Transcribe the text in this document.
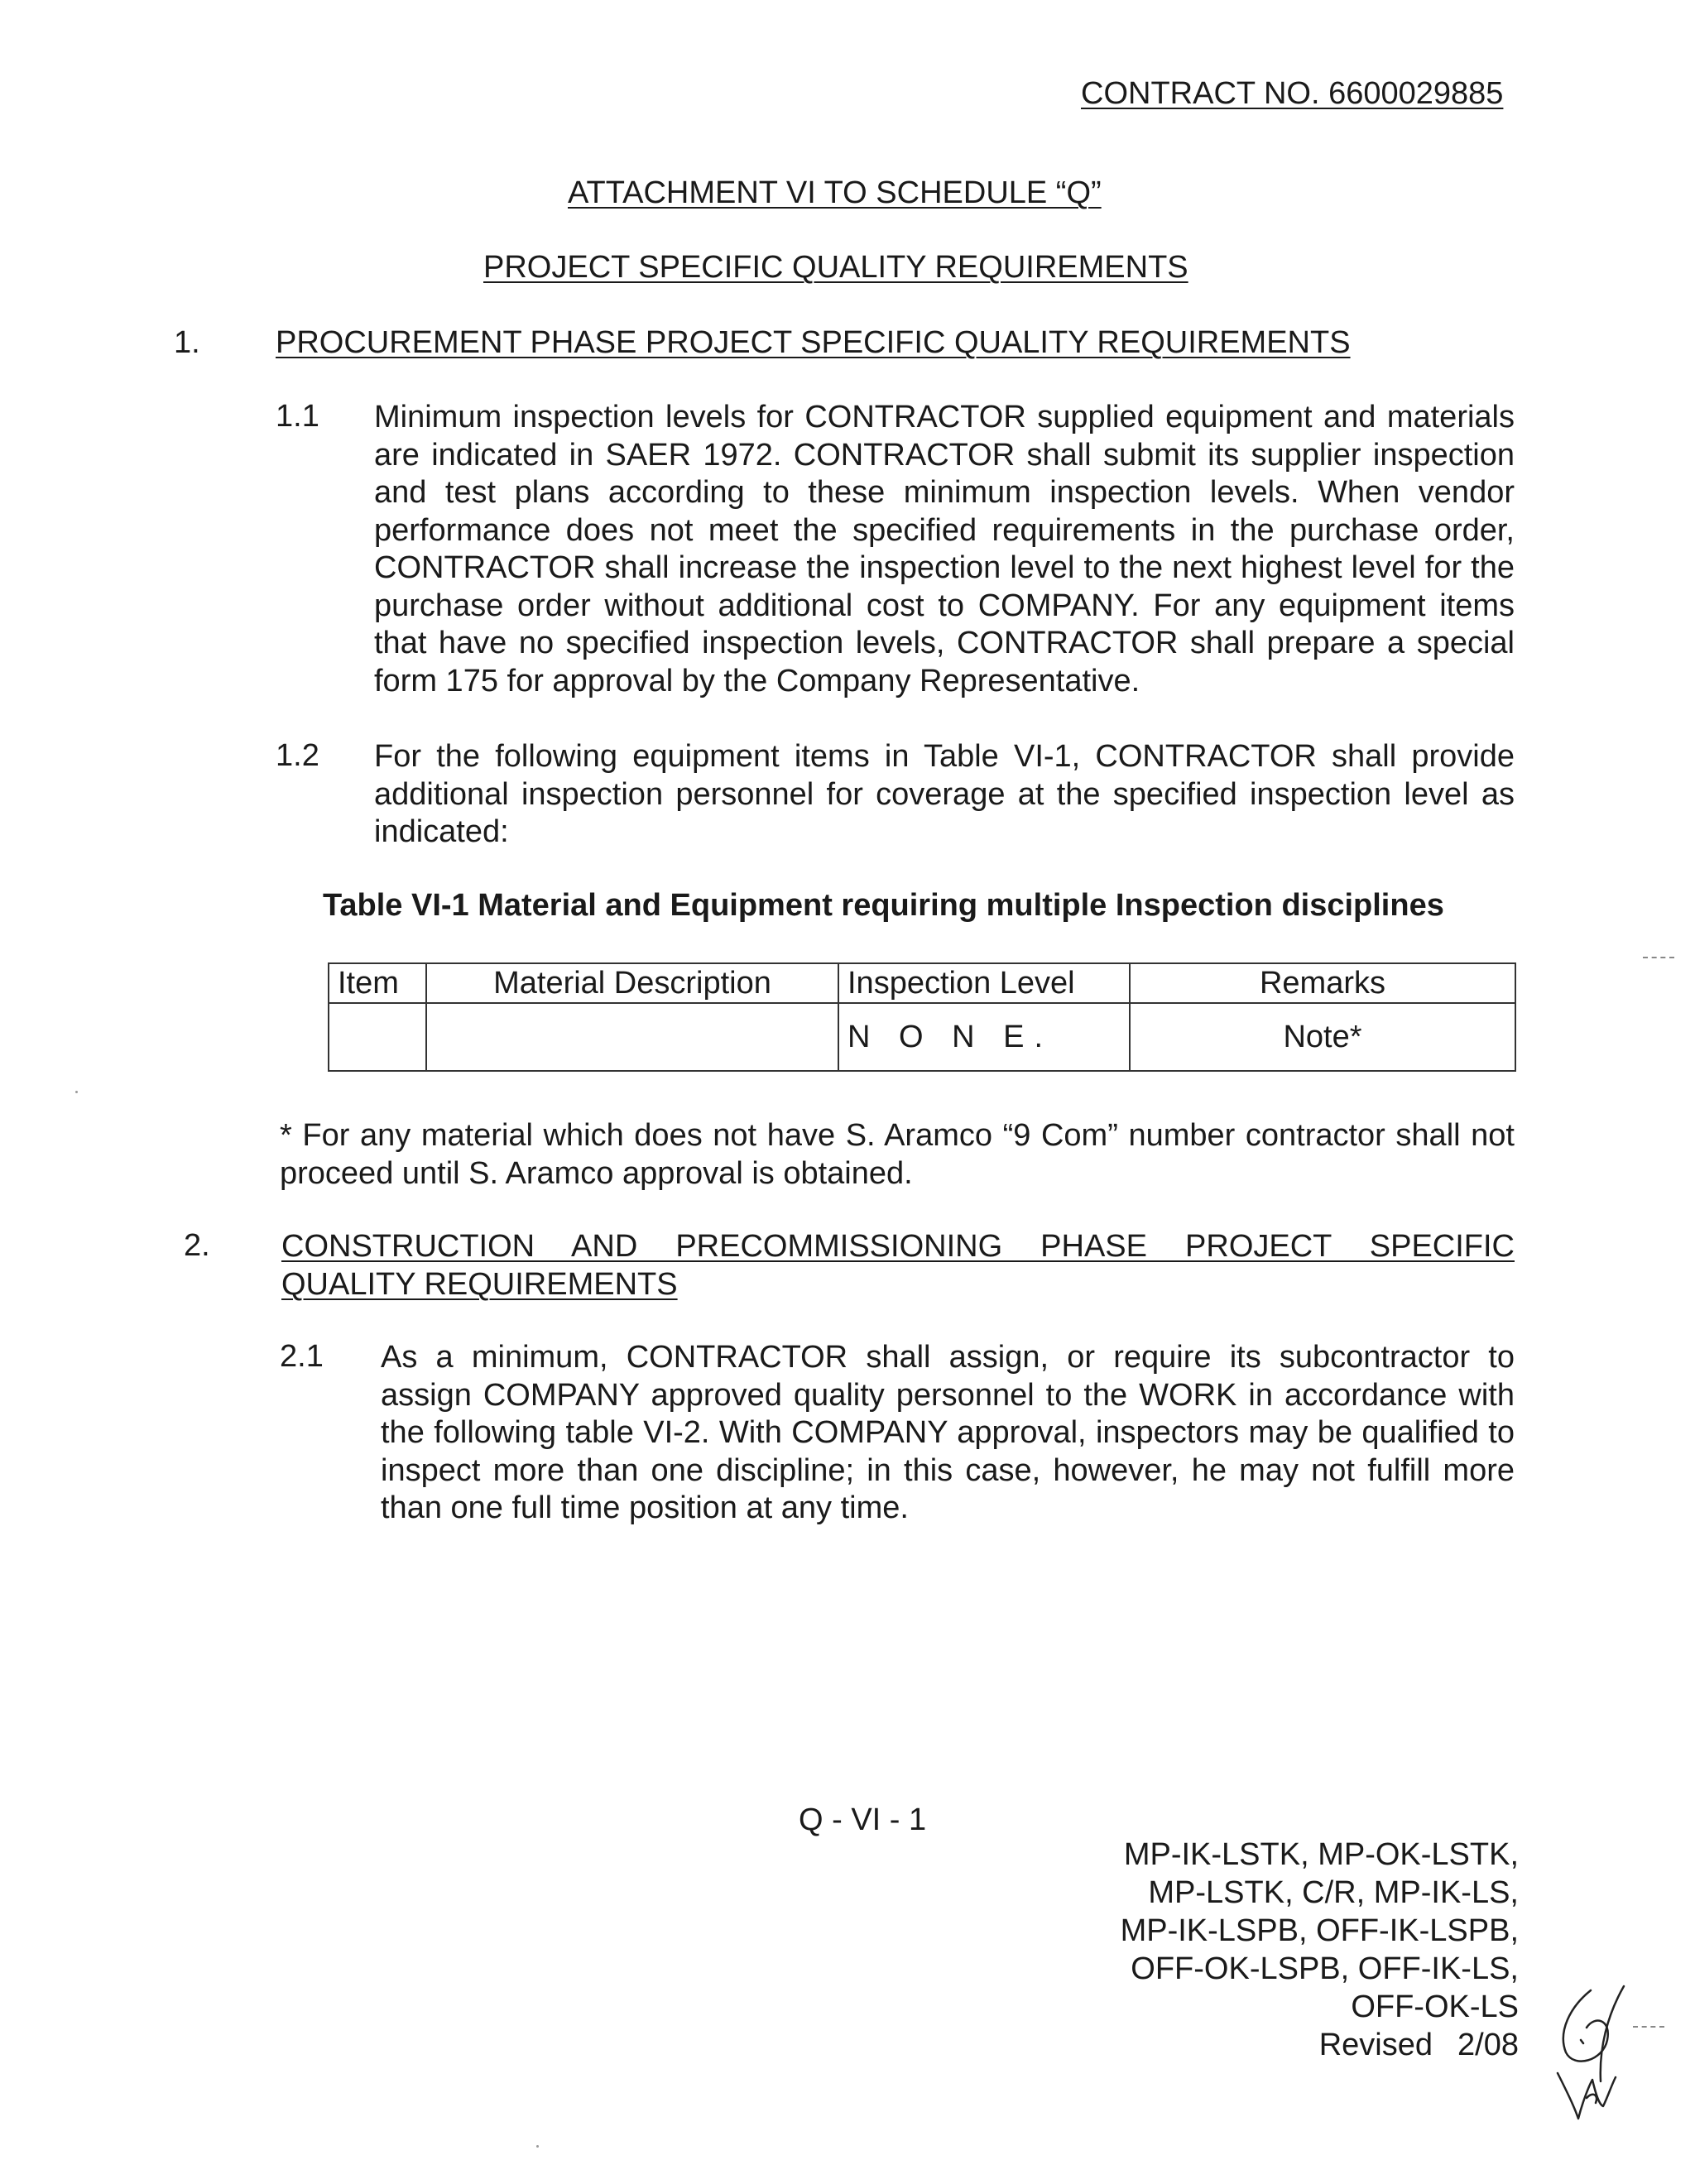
CONTRACT NO. 6600029885
ATTACHMENT VI TO SCHEDULE “Q”
PROJECT SPECIFIC QUALITY REQUIREMENTS
1. PROCUREMENT PHASE PROJECT SPECIFIC QUALITY REQUIREMENTS
1.1 Minimum inspection levels for CONTRACTOR supplied equipment and materials are indicated in SAER 1972. CONTRACTOR shall submit its supplier inspection and test plans according to these minimum inspection levels. When vendor performance does not meet the specified requirements in the purchase order, CONTRACTOR shall increase the inspection level to the next highest level for the purchase order without additional cost to COMPANY. For any equipment items that have no specified inspection levels, CONTRACTOR shall prepare a special form 175 for approval by the Company Representative.
1.2 For the following equipment items in Table VI-1, CONTRACTOR shall provide additional inspection personnel for coverage at the specified inspection level as indicated:
Table VI-1 Material and Equipment requiring multiple Inspection disciplines
Item	Material Description	Inspection Level	Remarks
		N O N E.	Note*
* For any material which does not have S. Aramco “9 Com” number contractor shall not proceed until S. Aramco approval is obtained.
2. CONSTRUCTION AND PRECOMMISSIONING PHASE PROJECT SPECIFIC
QUALITY REQUIREMENTS
2.1 As a minimum, CONTRACTOR shall assign, or require its subcontractor to assign COMPANY approved quality personnel to the WORK in accordance with the following table VI-2. With COMPANY approval, inspectors may be qualified to inspect more than one discipline; in this case, however, he may not fulfill more than one full time position at any time.
Q - VI - 1
MP-IK-LSTK, MP-OK-LSTK,
MP-LSTK, C/R, MP-IK-LS,
MP-IK-LSPB, OFF-IK-LSPB,
OFF-OK-LSPB, OFF-IK-LS,
OFF-OK-LS
Revised 2/08
